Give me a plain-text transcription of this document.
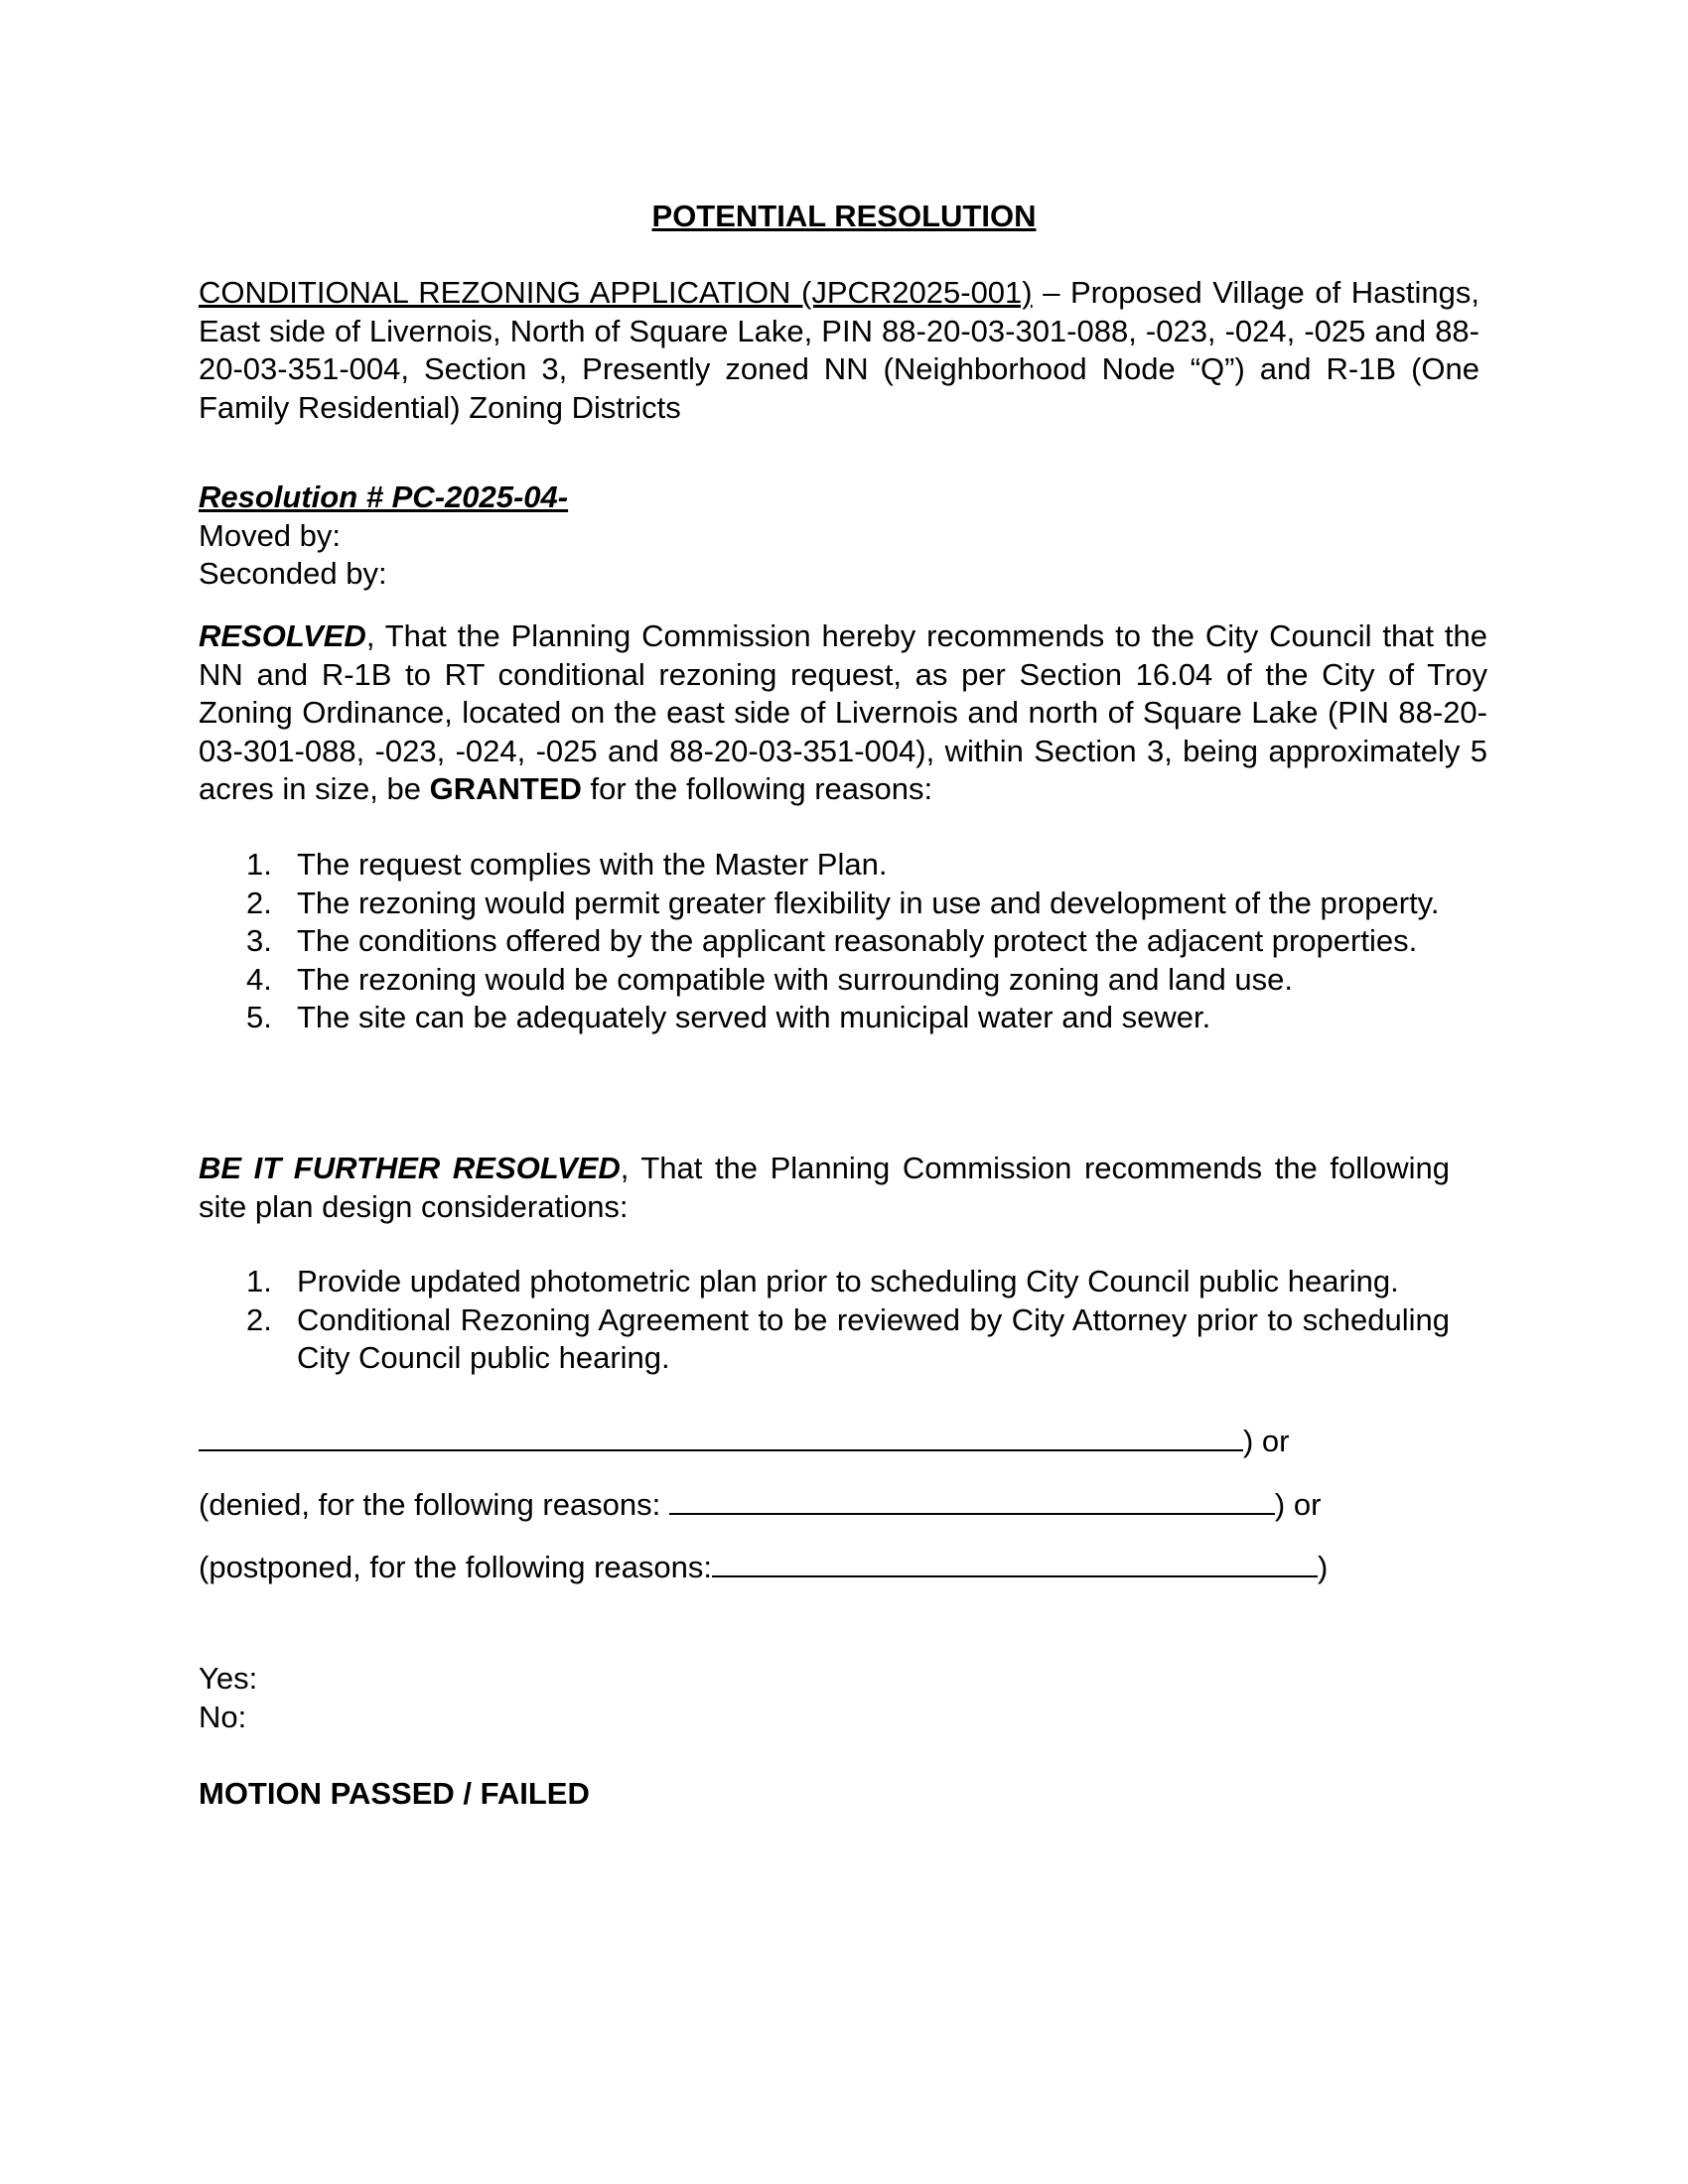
POTENTIAL RESOLUTION
CONDITIONAL REZONING APPLICATION (JPCR2025-001) – Proposed Village of Hastings, East side of Livernois, North of Square Lake, PIN 88-20-03-301-088, -023, -024, -025 and 88-20-03-351-004, Section 3, Presently zoned NN (Neighborhood Node “Q”) and R-1B (One Family Residential) Zoning Districts
Resolution # PC-2025-04-
Moved by:
Seconded by:
RESOLVED, That the Planning Commission hereby recommends to the City Council that the NN and R-1B to RT conditional rezoning request, as per Section 16.04 of the City of Troy Zoning Ordinance, located on the east side of Livernois and north of Square Lake (PIN 88-20-03-301-088, -023, -024, -025 and 88-20-03-351-004), within Section 3, being approximately 5 acres in size, be GRANTED for the following reasons:
1. The request complies with the Master Plan.
2. The rezoning would permit greater flexibility in use and development of the property.
3. The conditions offered by the applicant reasonably protect the adjacent properties.
4. The rezoning would be compatible with surrounding zoning and land use.
5. The site can be adequately served with municipal water and sewer.
BE IT FURTHER RESOLVED, That the Planning Commission recommends the following site plan design considerations:
1. Provide updated photometric plan prior to scheduling City Council public hearing.
2. Conditional Rezoning Agreement to be reviewed by City Attorney prior to scheduling City Council public hearing.
) or
(denied, for the following reasons:	) or
(postponed, for the following reasons:	)
Yes:
No:
MOTION PASSED / FAILED
